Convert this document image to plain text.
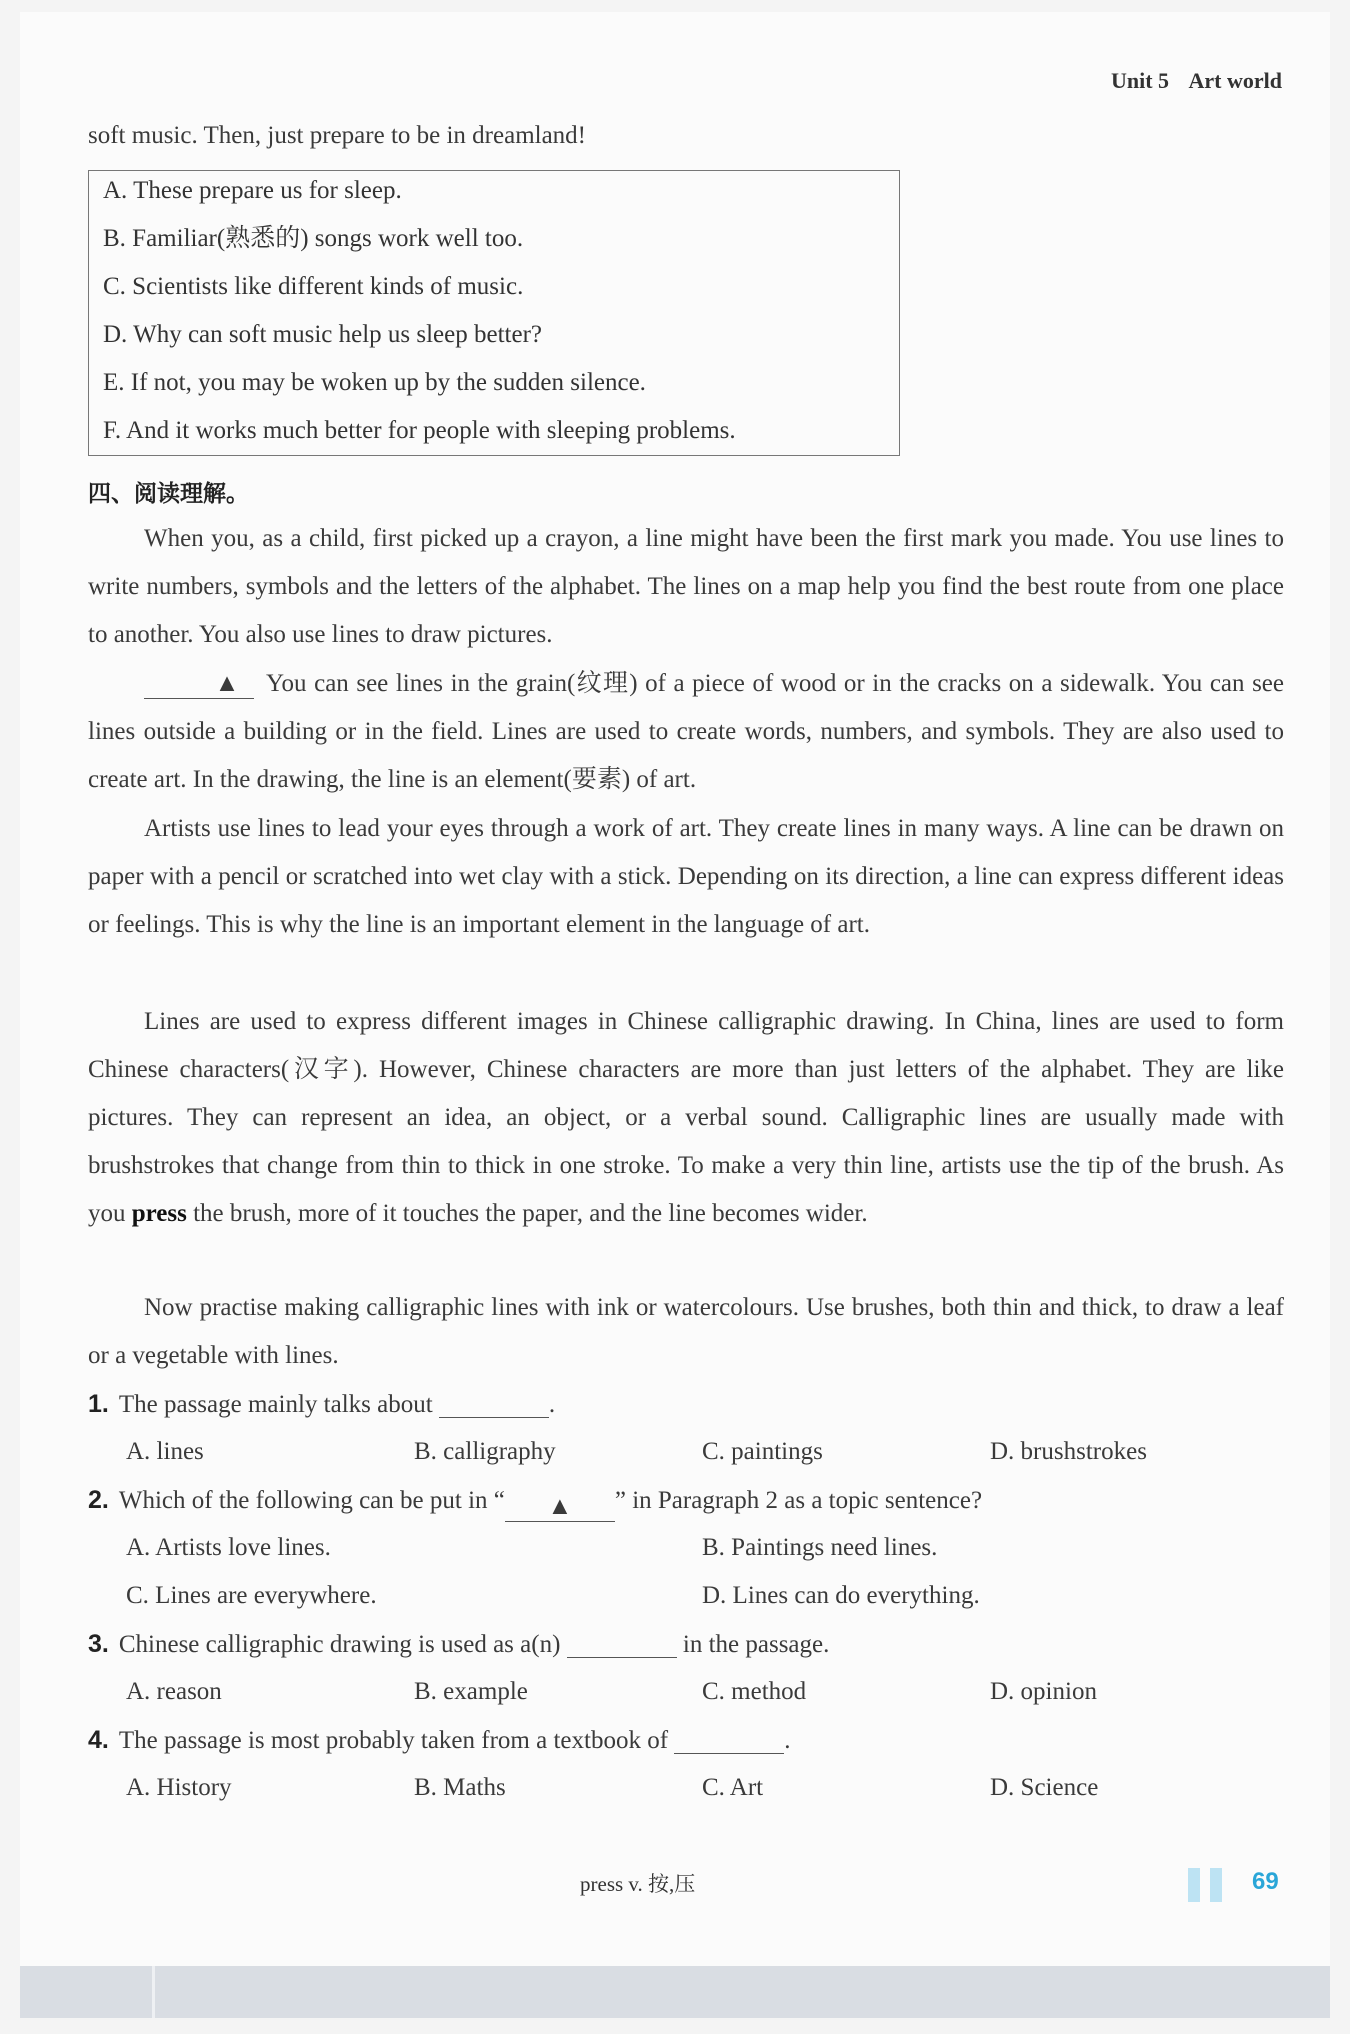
Unit 5 Art world
soft music. Then, just prepare to be in dreamland!
A. These prepare us for sleep.
B. Familiar(熟悉的) songs work well too.
C. Scientists like different kinds of music.
D. Why can soft music help us sleep better?
E. If not, you may be woken up by the sudden silence.
F. And it works much better for people with sleeping problems.
四、阅读理解。
When you, as a child, first picked up a crayon, a line might have been the first mark you made. You use lines to write numbers, symbols and the letters of the alphabet. The lines on a map help you find the best route from one place to another. You also use lines to draw pictures.
▲ You can see lines in the grain(纹理) of a piece of wood or in the cracks on a sidewalk. You can see lines outside a building or in the field. Lines are used to create words, numbers, and symbols. They are also used to create art. In the drawing, the line is an element(要素) of art.
Artists use lines to lead your eyes through a work of art. They create lines in many ways. A line can be drawn on paper with a pencil or scratched into wet clay with a stick. Depending on its direction, a line can express different ideas or feelings. This is why the line is an important element in the language of art.
Lines are used to express different images in Chinese calligraphic drawing. In China, lines are used to form Chinese characters(汉字). However, Chinese characters are more than just letters of the alphabet. They are like pictures. They can represent an idea, an object, or a verbal sound. Calligraphic lines are usually made with brushstrokes that change from thin to thick in one stroke. To make a very thin line, artists use the tip of the brush. As you press the brush, more of it touches the paper, and the line becomes wider.
Now practise making calligraphic lines with ink or watercolours. Use brushes, both thin and thick, to draw a leaf or a vegetable with lines.
1. The passage mainly talks about	.
A. lines	B. calligraphy	C. paintings	D. brushstrokes
2. Which of the following can be put in “ ▲ ” in Paragraph 2 as a topic sentence?
A. Artists love lines.	B. Paintings need lines.
C. Lines are everywhere.	D. Lines can do everything.
3. Chinese calligraphic drawing is used as a(n)	in the passage.
A. reason	B. example	C. method	D. opinion
4. The passage is most probably taken from a textbook of	.
A. History	B. Maths	C. Art	D. Science
press v. 按,压	69
